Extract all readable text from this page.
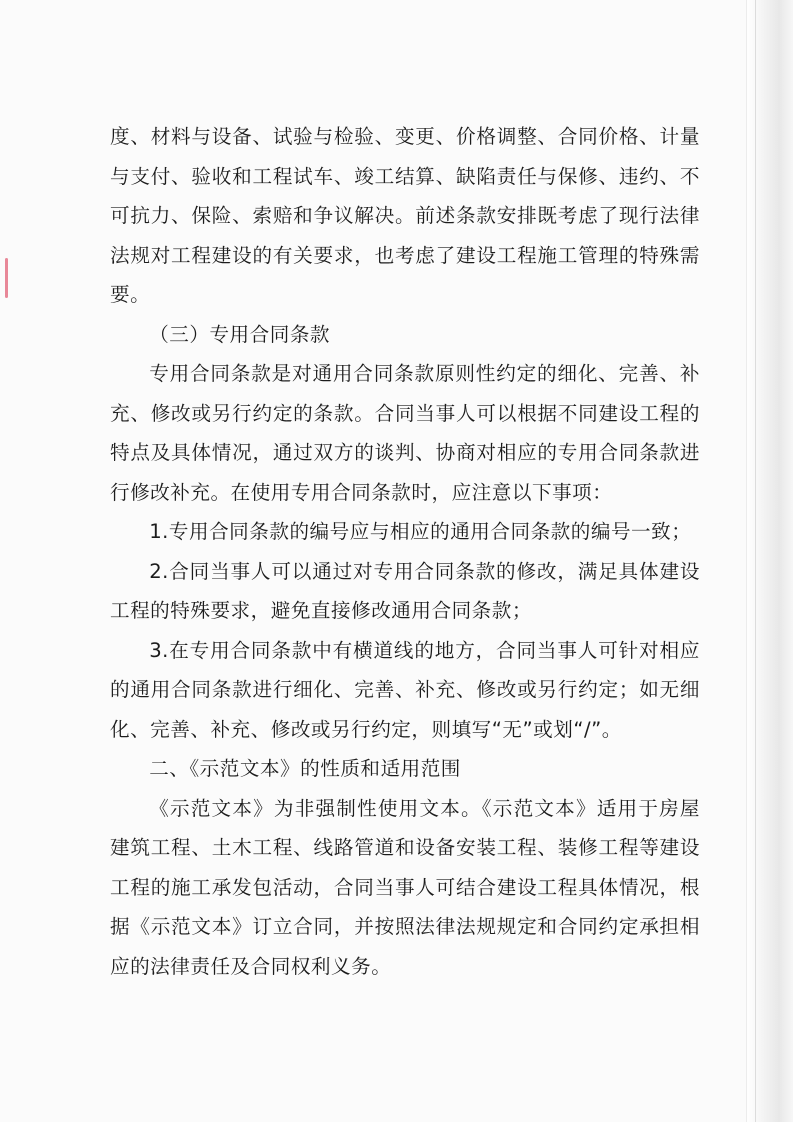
度、材料与设备、试验与检验、变更、价格调整、合同价格、计量与支付、验收和工程试车、竣工结算、缺陷责任与保修、违约、不可抗力、保险、索赔和争议解决。前述条款安排既考虑了现行法律法规对工程建设的有关要求，也考虑了建设工程施工管理的特殊需要。

（三）专用合同条款

专用合同条款是对通用合同条款原则性约定的细化、完善、补充、修改或另行约定的条款。合同当事人可以根据不同建设工程的特点及具体情况，通过双方的谈判、协商对相应的专用合同条款进行修改补充。在使用专用合同条款时，应注意以下事项：

1.专用合同条款的编号应与相应的通用合同条款的编号一致；

2.合同当事人可以通过对专用合同条款的修改，满足具体建设工程的特殊要求，避免直接修改通用合同条款；

3.在专用合同条款中有横道线的地方，合同当事人可针对相应的通用合同条款进行细化、完善、补充、修改或另行约定；如无细化、完善、补充、修改或另行约定，则填写“无”或划“/”。

二、《示范文本》的性质和适用范围

《示范文本》为非强制性使用文本。《示范文本》适用于房屋建筑工程、土木工程、线路管道和设备安装工程、装修工程等建设工程的施工承发包活动，合同当事人可结合建设工程具体情况，根据《示范文本》订立合同，并按照法律法规规定和合同约定承担相应的法律责任及合同权利义务。
